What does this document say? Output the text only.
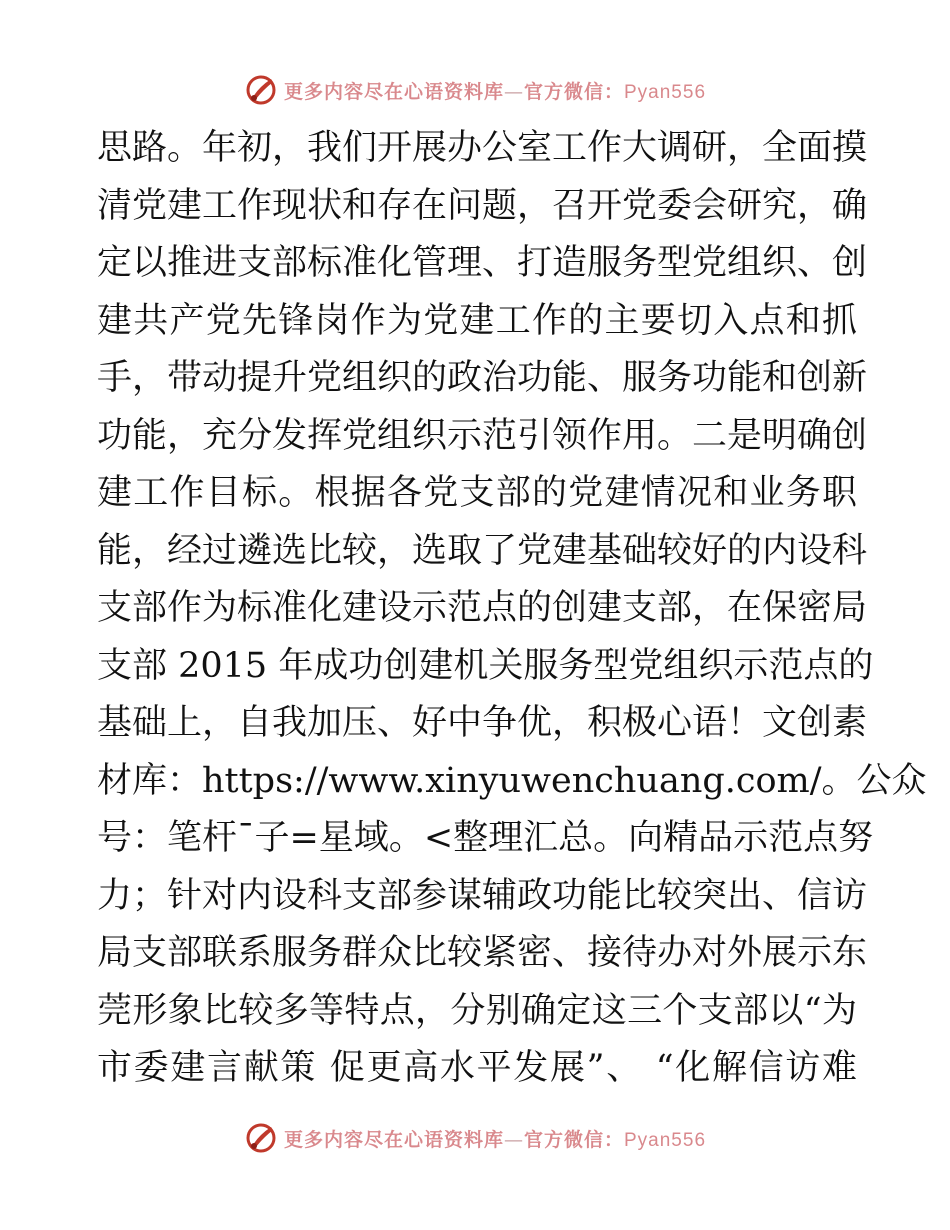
更多内容尽在心语资料库—官方微信：Pyan556
思路。年初，我们开展办公室工作大调研，全面摸
清党建工作现状和存在问题，召开党委会研究，确
定以推进支部标准化管理、打造服务型党组织、创
建共产党先锋岗作为党建工作的主要切入点和抓
手，带动提升党组织的政治功能、服务功能和创新
功能，充分发挥党组织示范引领作用。二是明确创
建工作目标。根据各党支部的党建情况和业务职
能，经过遴选比较，选取了党建基础较好的内设科
支部作为标准化建设示范点的创建支部，在保密局
支部 2015 年成功创建机关服务型党组织示范点的
基础上，自我加压、好中争优，积极心语！文创素
材库：https://www.xinyuwenchuang.com/。公众
号：笔杆¯子=星域。<整理汇总。向精品示范点努
力；针对内设科支部参谋辅政功能比较突出、信访
局支部联系服务群众比较紧密、接待办对外展示东
莞形象比较多等特点，分别确定这三个支部以“为
市委建言献策 促更高水平发展”、 “化解信访难
更多内容尽在心语资料库—官方微信：Pyan556
